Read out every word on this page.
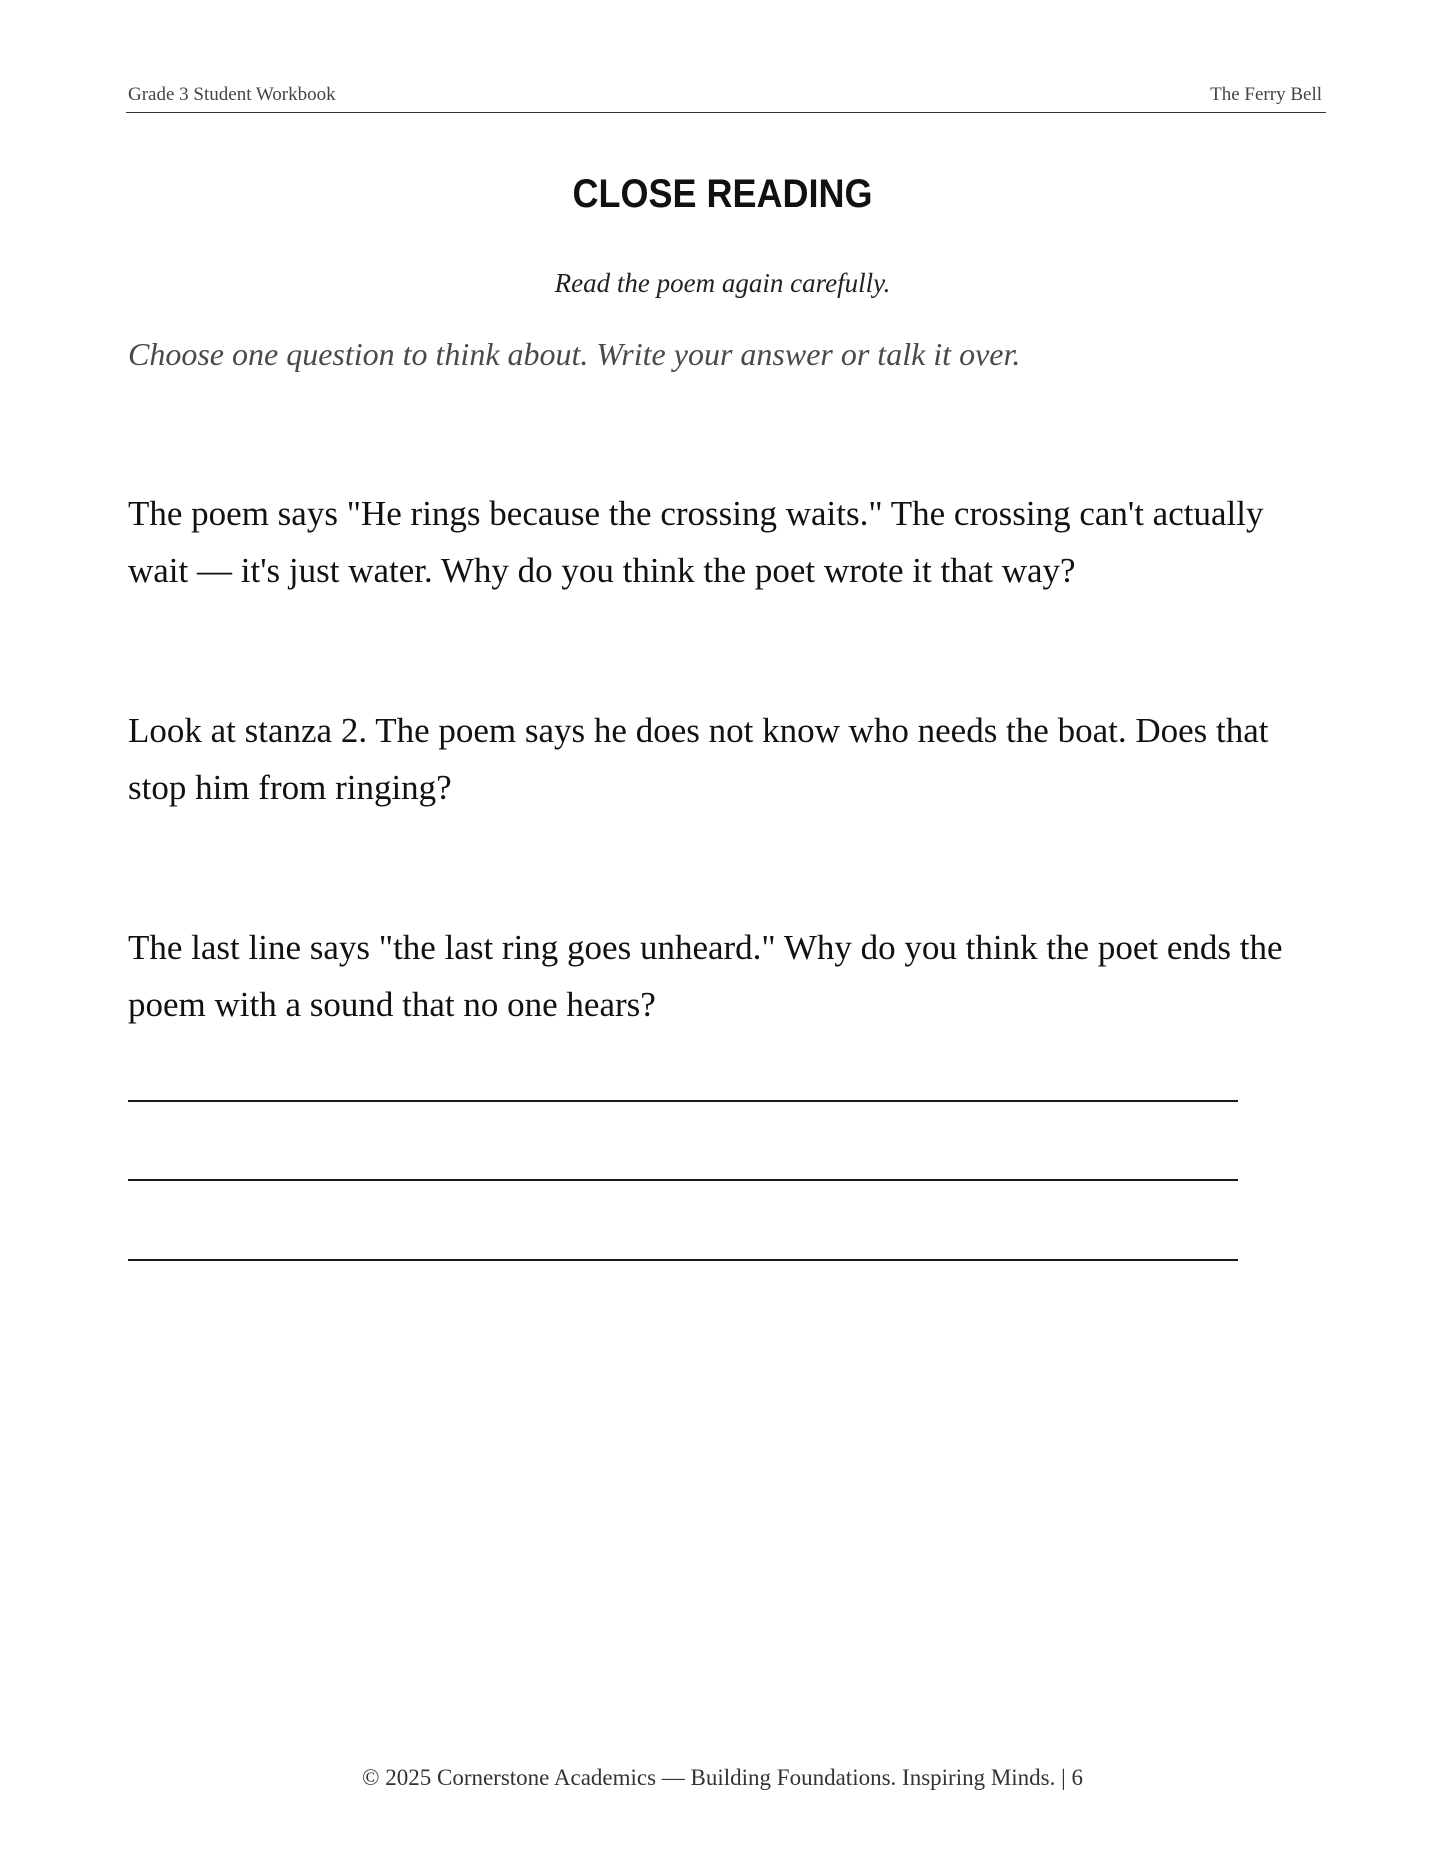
Grade 3 Student Workbook	The Ferry Bell
CLOSE READING
Read the poem again carefully.
Choose one question to think about. Write your answer or talk it over.
The poem says "He rings because the crossing waits." The crossing can't actually wait — it's just water. Why do you think the poet wrote it that way?
Look at stanza 2. The poem says he does not know who needs the boat. Does that stop him from ringing?
The last line says "the last ring goes unheard." Why do you think the poet ends the poem with a sound that no one hears?
© 2025 Cornerstone Academics — Building Foundations. Inspiring Minds. | 6
